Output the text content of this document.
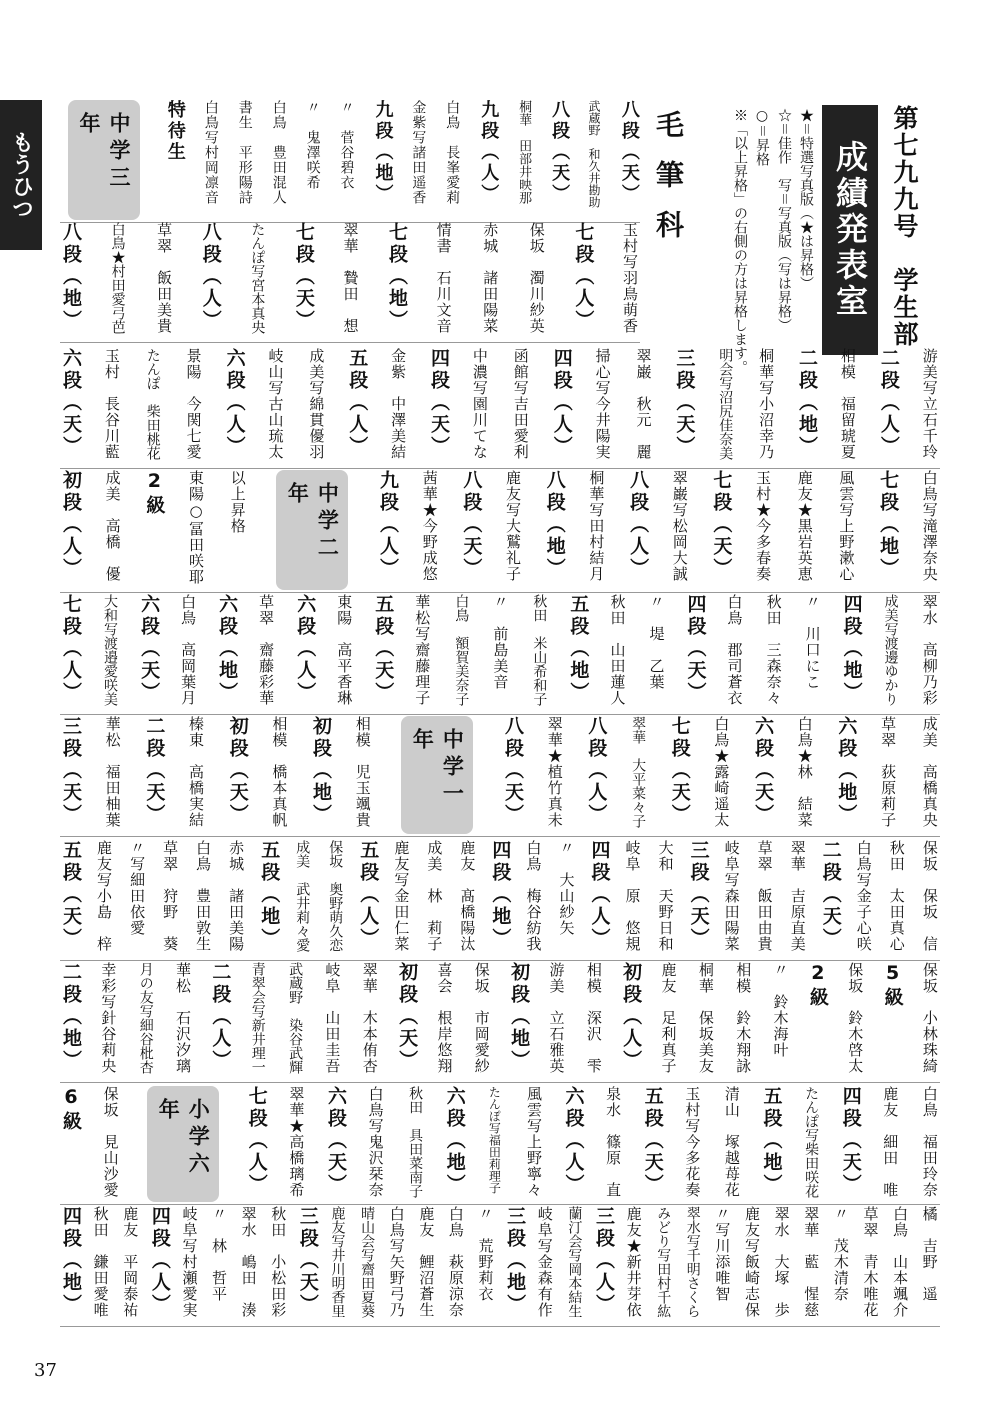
もうひつ	第七九九号　学生部
成績発表室
★＝特選写真版（★は昇格）
☆＝佳作　写＝写真版（写は昇格）
○＝昇格
※「以上昇格」の右側の方は昇格します。
毛筆科
八段（天）
武蔵野　和久井勘助
八段（天）
桐華　田部井映那
九段（人）
白鳥　長峯愛莉
金紫写諸田遥香
九段（地）
〃　菅谷碧衣
〃　鬼澤咲希
白鳥　豊田混人
書生　平形陽詩
白鳥写村岡凛音
特待生
中学三年
玉村写羽鳥萌香
七段（人）
保坂　濁川紗英
赤城　諸田陽菜
情書　石川文音
七段（地）
翠華　贄田　想
七段（天）
たんぽ写宮本真央
八段（人）
草翠　飯田美貴
白鳥★村田愛弓芭
八段（地）
游美写立石千玲
二段（人）
相模　福留琥夏
二段（地）
桐華写小沼幸乃
明会写沼尻佳奈美
三段（天）
翠巌　秋元　麗
掃心写今井陽実
四段（人）
函館写吉田愛利
中濃写園川てな
四段（天）
金紫　中澤美結
五段（人）
成美写綿貫優羽
岐山写古山琉太
六段（人）
景陽　今関七愛
たんぽ　柴田桃花
玉村　長谷川藍
六段（天）
白鳥写滝澤奈央
七段（地）
風雲写上野漱心
鹿友★黒岩英恵
玉村★今多春奏
七段（天）
翠巌写松岡大誠
八段（人）
桐華写田村結月
八段（地）
鹿友写大鷲礼子
八段（天）
茜華★今野成悠
九段（人）
中学二年
以上昇格
東陽○冨田咲耶
2級
成美　高橋　優
初段（人）
翠水　高柳乃彩
成美写渡邊ゆかり
四段（地）
〃　川口にこ
秋田　三森奈々
白鳥　郡司蒼衣
四段（天）
〃　堤　乙葉
秋田　山田蓮人
五段（地）
秋田　米山希和子
〃　前島美音
白鳥　額賀美奈子
華松写齋藤理子
五段（天）
東陽　高平香琳
六段（人）
草翠　齋藤彩華
六段（地）
白鳥　高岡葉月
六段（天）
大和写渡邉愛咲美
七段（人）
成美　高橋真央
草翠　荻原莉子
六段（地）
白鳥★林　結菜
六段（天）
白鳥★露崎遥太
七段（天）
翠華　大平菜々子
八段（人）
翠華★植竹真未
八段（天）
中学一年
相模　児玉颯貴
初段（地）
相模　橋本真帆
初段（天）
榛東　高橋実結
二段（天）
華松　福田柚葉
三段（天）
保坂　保坂　信
秋田　太田真心
白鳥写金子心咲
二段（天）
翠華　吉原直美
草翠　飯田由貴
岐阜写森田陽菜
三段（天）
大和　天野日和
岐阜　原　悠規
四段（人）
〃　大山紗矢
白鳥　梅谷紡我
四段（地）
鹿友　髙橋陽汰
成美　林　莉子
鹿友写金田仁菜
五段（人）
保坂　奥野萌久恋
成美　武井莉々愛
五段（地）
赤城　諸田美陽
白鳥　豊田敦生
草翠　狩野　葵
〃写細田依愛
鹿友写小島　梓
五段（天）
保坂　小林珠綺
5級
保坂　鈴木啓太
2級
〃　鈴木海叶
相模　鈴木翔詠
桐華　保坂美友
鹿友　足利真子
初段（人）
相模　深沢　雫
游美　立石雅英
初段（地）
保坂　市岡愛紗
喜会　根岸悠翔
初段（天）
翠華　木本侑杏
岐阜　山田圭吾
武蔵野　染谷武輝
青翠会写新井理一
二段（人）
華松　石沢汐璃
月の友写細谷枇杏
幸彩写針谷莉央
二段（地）
白鳥　福田玲奈
鹿友　細田　唯
四段（天）
たんぽ写柴田咲花
五段（地）
清山　塚越苺花
玉村写今多花奏
五段（天）
泉水　篠原　直
六段（人）
風雲写上野寧々
たんぽ写福田莉理子
六段（地）
秋田　具田菜南子
白鳥写鬼沢栞奈
六段（天）
翠華★高橋璃希
七段（人）
小学六年
保坂　見山沙愛
6級
橘　吉野　遥
白鳥　山本颯介
草翠　青木唯花
〃　茂木清奈
翠華　藍　惺慈
翠水　大塚　歩
鹿友写飯崎志保
〃写川添唯智
翠水写千明さくら
みどり写田村千紘
鹿友★新井芽依
三段（人）
蘭汀会写岡本結生
岐阜写金森有作
三段（地）
〃　荒野莉衣
白鳥　萩原涼奈
鹿友　鯉沼蒼生
白鳥写矢野弓乃
晴山会写齋田夏葵
鹿友写井川明香里
三段（天）
秋田　小松田彩
翠水　嶋田　湊
〃　林　哲平
岐阜写村瀬愛実
四段（人）
鹿友　平岡泰祐
秋田　鎌田愛唯
四段（地）
37
